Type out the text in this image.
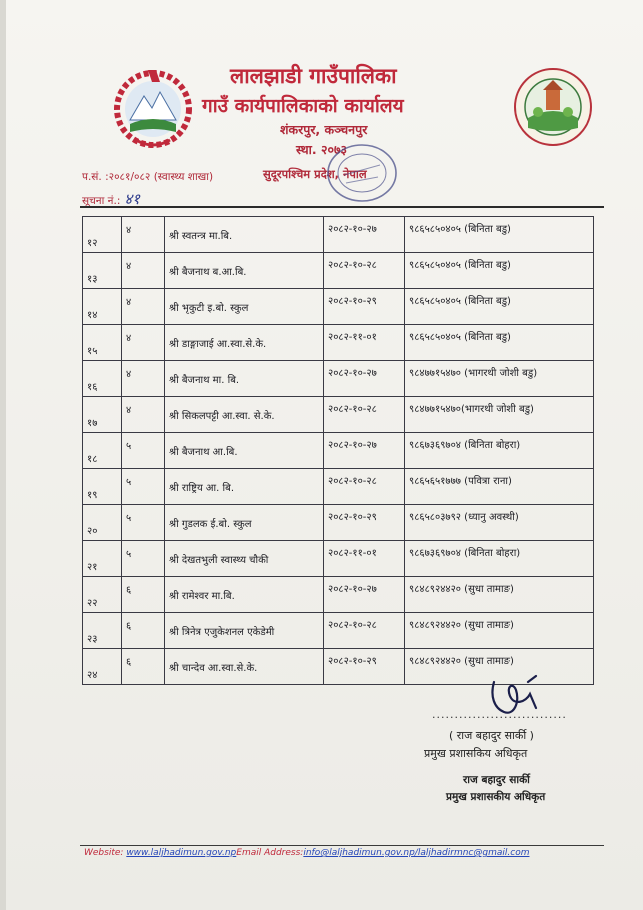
लालझाडी गाउँपालिका
गाउँ कार्यपालिकाको कार्यालय
शंकरपुर, कञ्चनपुर
स्था. २०७३
सुदूरपश्चिम प्रदेश, नेपाल
प.सं. :२०८१/०८२ (स्वास्थ्य शाखा)
सूचना नं.: ४१
१२	४	श्री स्वतन्त्र मा.बि.	२०८२-१०-२७	९८६५८५०४०५ (बिनिता बडु)
१३	४	श्री बैजनाथ ब.आ.बि.	२०८२-१०-२८	९८६५८५०४०५ (बिनिता बडु)
१४	४	श्री भृकुटी इ.बो. स्कुल	२०८२-१०-२९	९८६५८५०४०५ (बिनिता बडु)
१५	४	श्री डाङ्गाजाई आ.स्वा.से.के.	२०८२-११-०१	९८६५८५०४०५ (बिनिता बडु)
१६	४	श्री बैजनाथ मा. बि.	२०८२-१०-२७	९८४७७१५४७० (भागरथी जोशी बडु)
१७	४	श्री सिकलपट्टी आ.स्वा. से.के.	२०८२-१०-२८	९८४७७१५४७०(भागरथी जोशी बडु)
१८	५	श्री बैजनाथ आ.बि.	२०८२-१०-२७	९८६७३६९७०४ (बिनिता बोहरा)
१९	५	श्री राष्ट्रिय आ. बि.	२०८२-१०-२८	९८६५६५१७७७ (पवित्रा राना)
२०	५	श्री गुडलक ई.बो. स्कुल	२०८२-१०-२९	९८६५८०३७९२ (ध्यानु अवस्थी)
२१	५	श्री देखतभुली स्वास्थ्य चौकी	२०८२-११-०१	९८६७३६९७०४ (बिनिता बोहरा)
२२	६	श्री रामेश्वर मा.बि.	२०८२-१०-२७	९८४८९२४४२० (सुधा तामाङ)
२३	६	श्री त्रिनेत्र एजुकेशनल एकेडेमी	२०८२-१०-२८	९८४८९२४४२० (सुधा तामाङ)
२४	६	श्री चान्देव आ.स्वा.से.के.	२०८२-१०-२९	९८४८९२४४२० (सुधा तामाङ)
..............................
( राज बहादुर सार्की )
प्रमुख प्रशासकिय अधिकृत
राज बहादुर सार्की
प्रमुख प्रशासकीय अधिकृत
Website: www.laljhadimun.gov.npEmail Address:info@laljhadimun.gov.np/laljhadirmnc@gmail.com
